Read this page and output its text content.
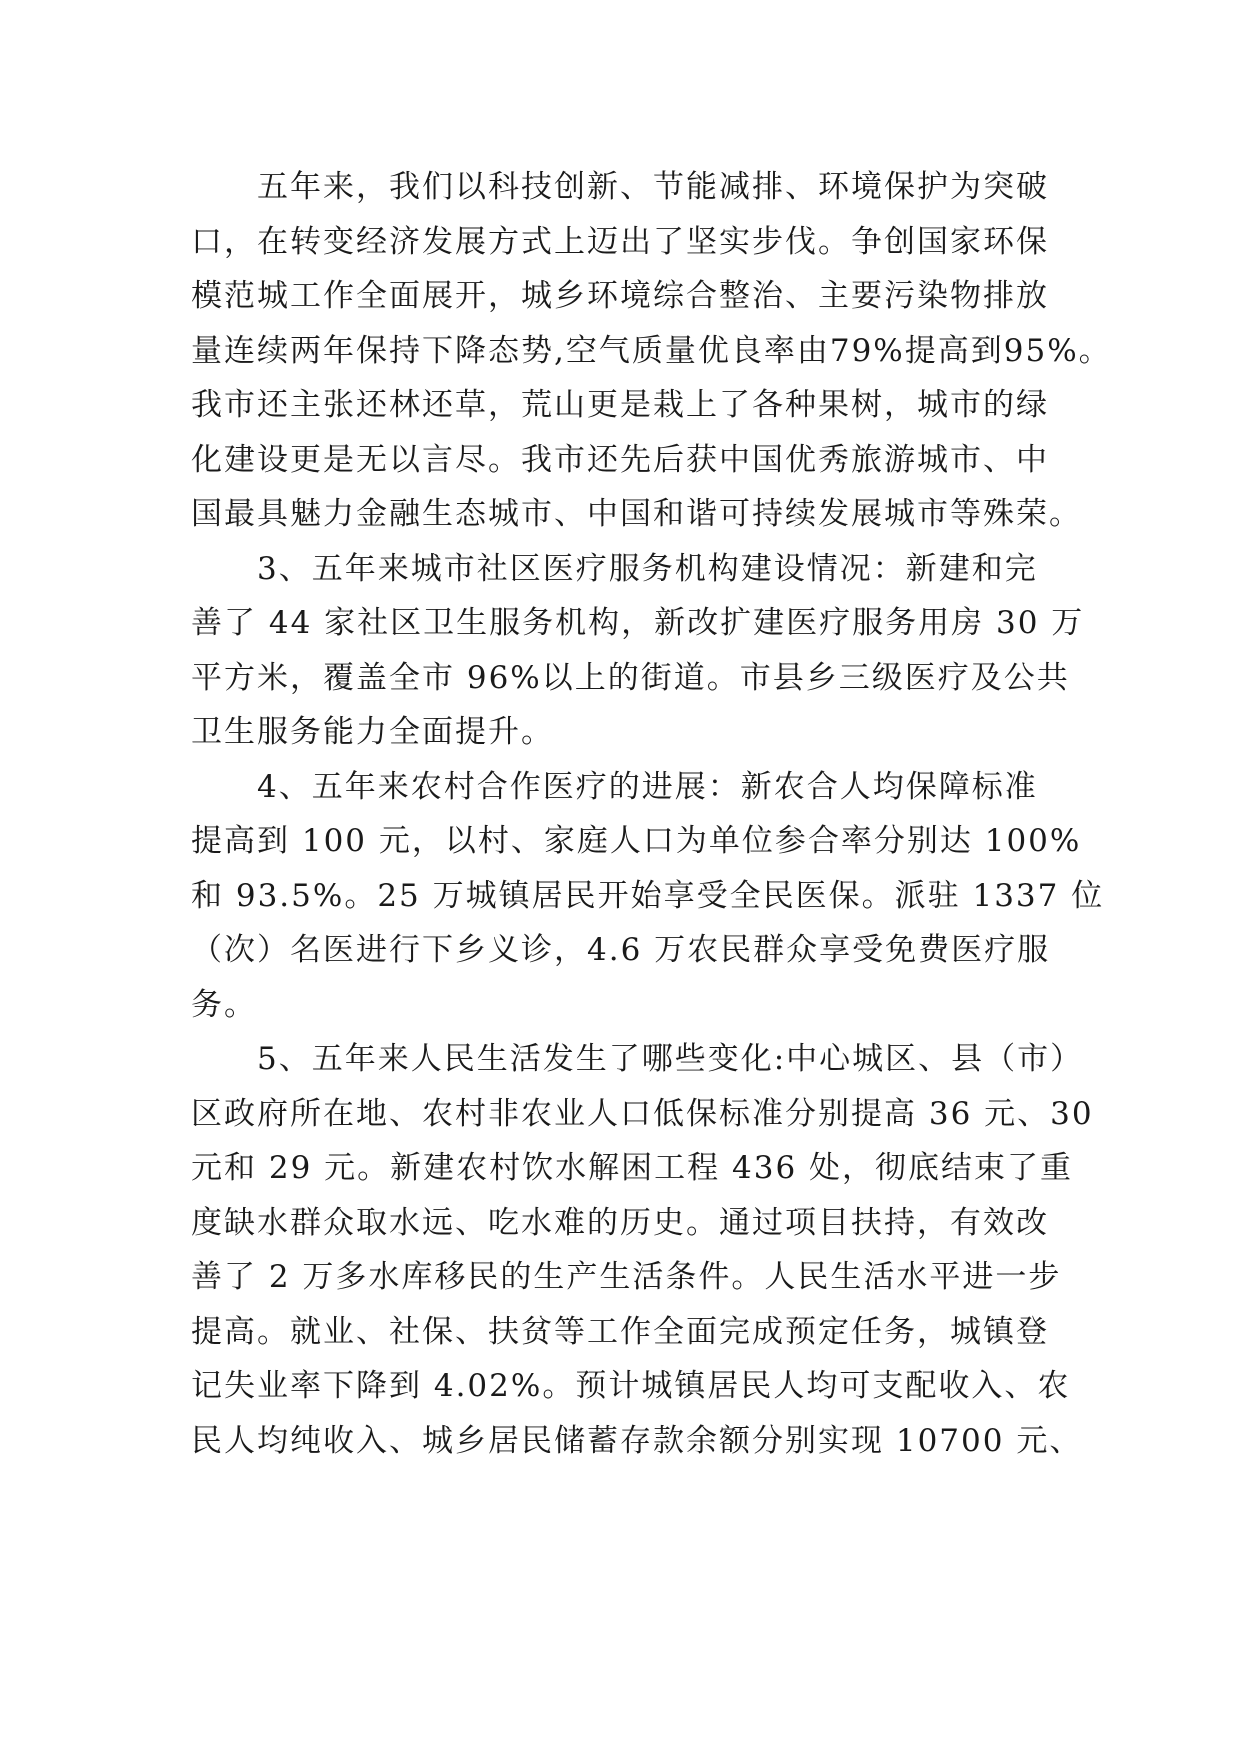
五年来，我们以科技创新、节能减排、环境保护为突破
口，在转变经济发展方式上迈出了坚实步伐。争创国家环保
模范城工作全面展开，城乡环境综合整治、主要污染物排放
量连续两年保持下降态势,空气质量优良率由79%提高到95%。
我市还主张还林还草，荒山更是栽上了各种果树，城市的绿
化建设更是无以言尽。我市还先后获中国优秀旅游城市、中
国最具魅力金融生态城市、中国和谐可持续发展城市等殊荣。
3、五年来城市社区医疗服务机构建设情况：新建和完
善了 44 家社区卫生服务机构，新改扩建医疗服务用房 30 万
平方米，覆盖全市 96%以上的街道。市县乡三级医疗及公共
卫生服务能力全面提升。
4、五年来农村合作医疗的进展：新农合人均保障标准
提高到 100 元，以村、家庭人口为单位参合率分别达 100%
和 93.5%。25 万城镇居民开始享受全民医保。派驻 1337 位
（次）名医进行下乡义诊，4.6 万农民群众享受免费医疗服
务。
5、五年来人民生活发生了哪些变化:中心城区、县（市）
区政府所在地、农村非农业人口低保标准分别提高 36 元、30
元和 29 元。新建农村饮水解困工程 436 处，彻底结束了重
度缺水群众取水远、吃水难的历史。通过项目扶持，有效改
善了 2 万多水库移民的生产生活条件。人民生活水平进一步
提高。就业、社保、扶贫等工作全面完成预定任务，城镇登
记失业率下降到 4.02%。预计城镇居民人均可支配收入、农
民人均纯收入、城乡居民储蓄存款余额分别实现 10700 元、
